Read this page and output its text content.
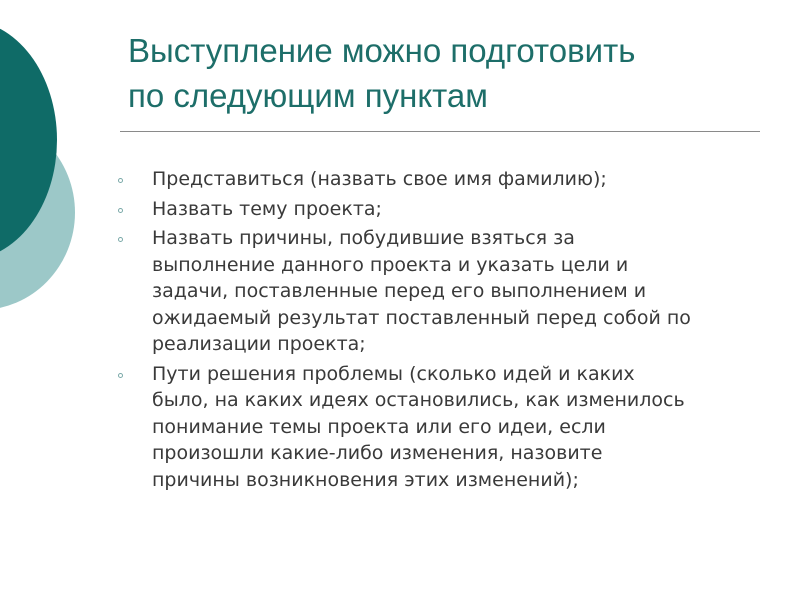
Выступление можно подготовить
по следующим пунктам
Представиться (назвать свое имя фамилию);
Назвать тему проекта;
Назвать причины, побудившие взяться за
выполнение данного проекта и указать цели и
задачи, поставленные перед его выполнением и
ожидаемый результат поставленный перед собой по
реализации проекта;
Пути решения проблемы (сколько идей и каких
было, на каких идеях остановились, как изменилось
понимание темы проекта или его идеи, если
произошли какие-либо изменения, назовите
причины возникновения этих изменений);
